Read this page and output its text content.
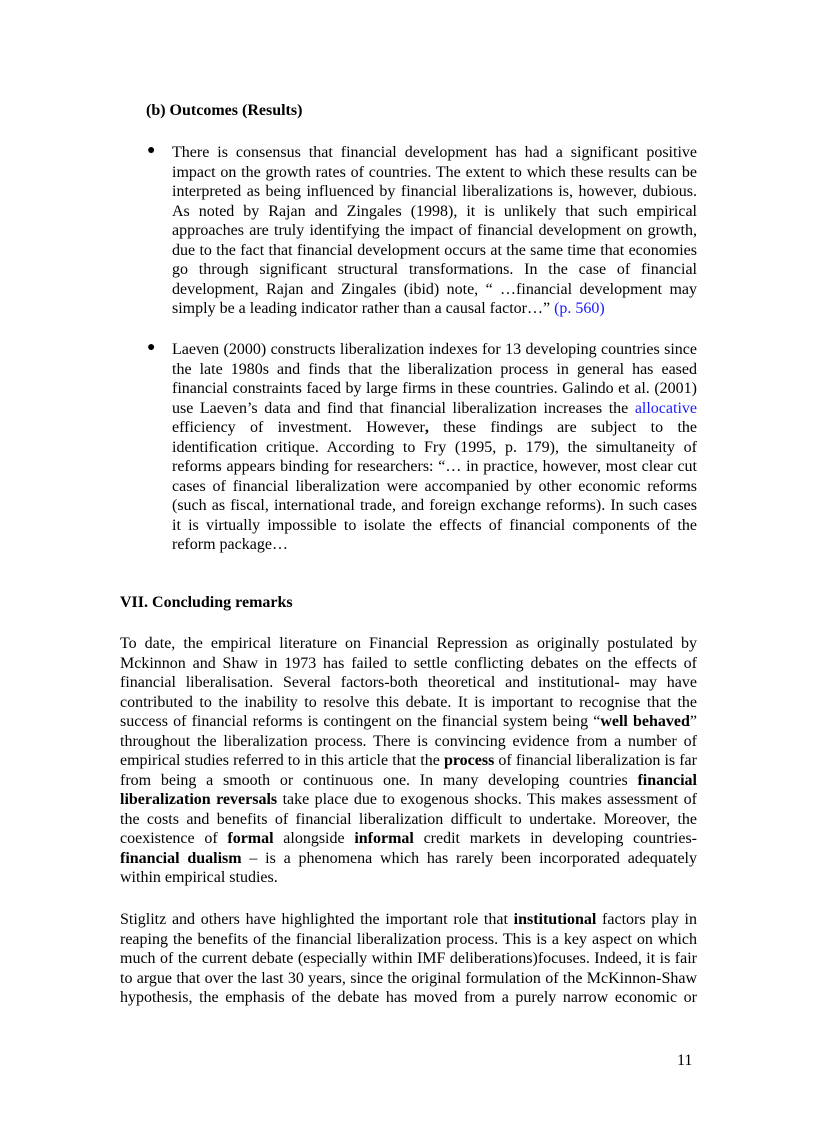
(b) Outcomes (Results)
● There is consensus that financial development has had a significant positive
impact on the growth rates of countries. The extent to which these results can be
interpreted as being influenced by financial liberalizations is, however, dubious.
As noted by Rajan and Zingales (1998), it is unlikely that such empirical
approaches are truly identifying the impact of financial development on growth,
due to the fact that financial development occurs at the same time that economies
go through significant structural transformations. In the case of financial
development, Rajan and Zingales (ibid) note, “ …financial development may
simply be a leading indicator rather than a causal factor…” (p. 560)
● Laeven (2000) constructs liberalization indexes for 13 developing countries since
the late 1980s and finds that the liberalization process in general has eased
financial constraints faced by large firms in these countries. Galindo et al. (2001)
use Laeven’s data and find that financial liberalization increases the allocative
efficiency of investment. However, these findings are subject to the
identification critique. According to Fry (1995, p. 179), the simultaneity of
reforms appears binding for researchers: “… in practice, however, most clear cut
cases of financial liberalization were accompanied by other economic reforms
(such as fiscal, international trade, and foreign exchange reforms). In such cases
it is virtually impossible to isolate the effects of financial components of the
reform package…
VII. Concluding remarks
To date, the empirical literature on Financial Repression as originally postulated by
Mckinnon and Shaw in 1973 has failed to settle conflicting debates on the effects of
financial liberalisation. Several factors-both theoretical and institutional- may have
contributed to the inability to resolve this debate. It is important to recognise that the
success of financial reforms is contingent on the financial system being “well behaved”
throughout the liberalization process. There is convincing evidence from a number of
empirical studies referred to in this article that the process of financial liberalization is far
from being a smooth or continuous one. In many developing countries financial
liberalization reversals take place due to exogenous shocks. This makes assessment of
the costs and benefits of financial liberalization difficult to undertake. Moreover, the
coexistence of formal alongside informal credit markets in developing countries-
financial dualism – is a phenomena which has rarely been incorporated adequately
within empirical studies.
Stiglitz and others have highlighted the important role that institutional factors play in
reaping the benefits of the financial liberalization process. This is a key aspect on which
much of the current debate (especially within IMF deliberations)focuses. Indeed, it is fair
to argue that over the last 30 years, since the original formulation of the McKinnon-Shaw
hypothesis, the emphasis of the debate has moved from a purely narrow economic or
11
